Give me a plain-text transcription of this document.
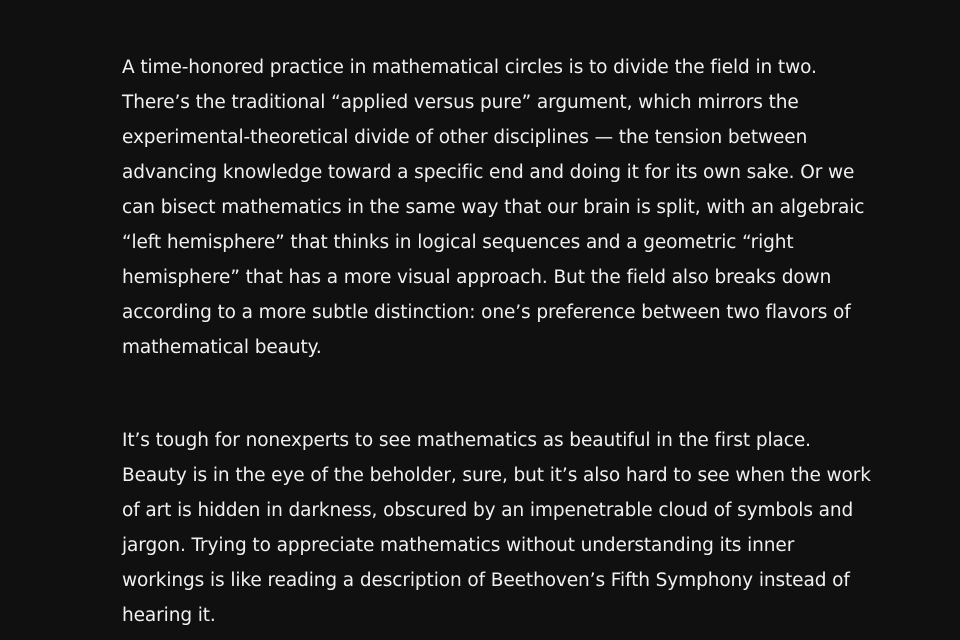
A time-honored practice in mathematical circles is to divide the field in two.
There’s the traditional “applied versus pure” argument, which mirrors the
experimental-theoretical divide of other disciplines — the tension between
advancing knowledge toward a specific end and doing it for its own sake. Or we
can bisect mathematics in the same way that our brain is split, with an algebraic
“left hemisphere” that thinks in logical sequences and a geometric “right
hemisphere” that has a more visual approach. But the field also breaks down
according to a more subtle distinction: one’s preference between two flavors of
mathematical beauty.

It’s tough for nonexperts to see mathematics as beautiful in the first place.
Beauty is in the eye of the beholder, sure, but it’s also hard to see when the work
of art is hidden in darkness, obscured by an impenetrable cloud of symbols and
jargon. Trying to appreciate mathematics without understanding its inner
workings is like reading a description of Beethoven’s Fifth Symphony instead of
hearing it.
